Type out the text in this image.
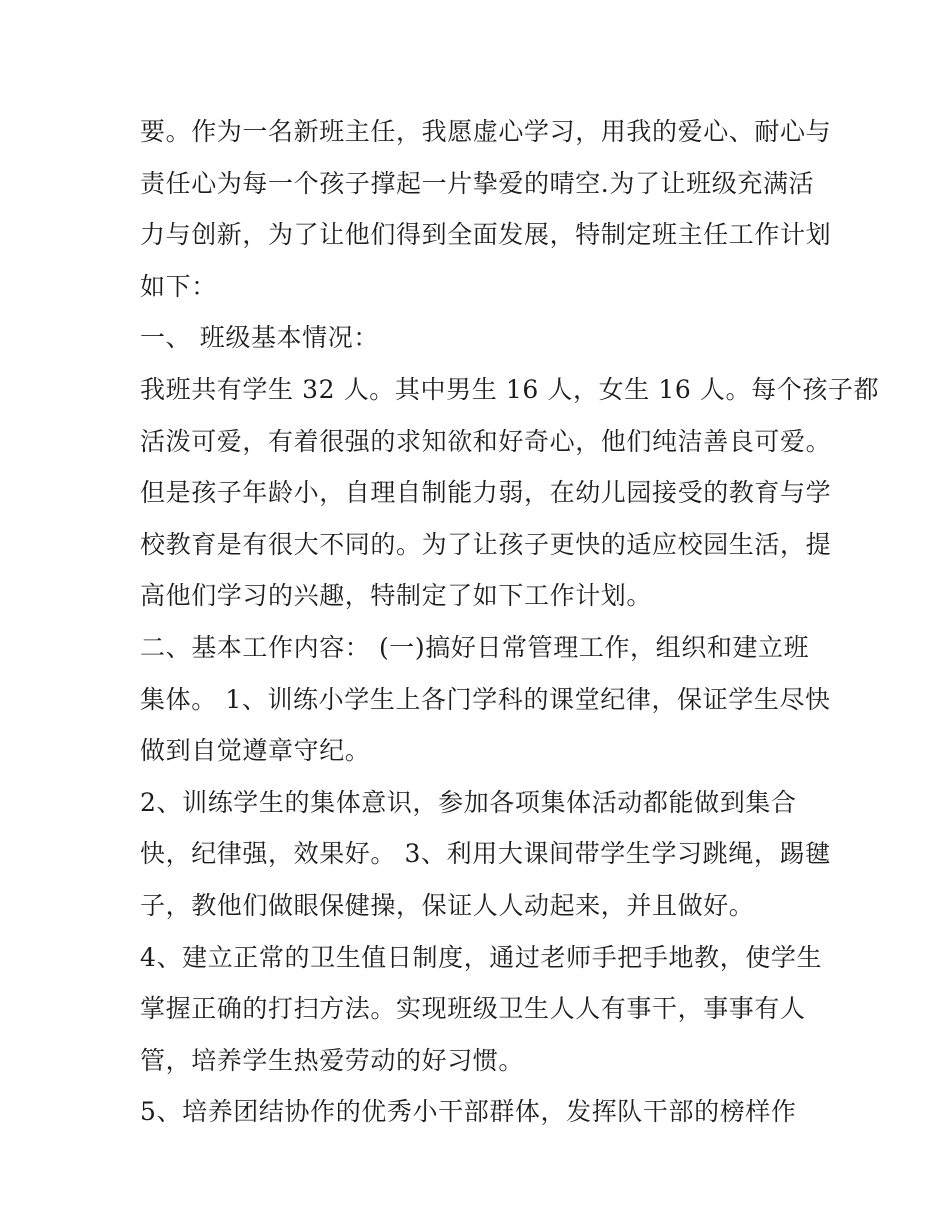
要。作为一名新班主任，我愿虚心学习，用我的爱心、耐心与
责任心为每一个孩子撑起一片挚爱的晴空.为了让班级充满活
力与创新，为了让他们得到全面发展，特制定班主任工作计划
如下：
一、 班级基本情况：
我班共有学生 32 人。其中男生 16 人，女生 16 人。每个孩子都
活泼可爱，有着很强的求知欲和好奇心，他们纯洁善良可爱。
但是孩子年龄小，自理自制能力弱，在幼儿园接受的教育与学
校教育是有很大不同的。为了让孩子更快的适应校园生活，提
高他们学习的兴趣，特制定了如下工作计划。
二、基本工作内容： (一)搞好日常管理工作，组织和建立班
集体。 1、训练小学生上各门学科的课堂纪律，保证学生尽快
做到自觉遵章守纪。
2、训练学生的集体意识，参加各项集体活动都能做到集合
快，纪律强，效果好。 3、利用大课间带学生学习跳绳，踢毽
子，教他们做眼保健操，保证人人动起来，并且做好。
4、建立正常的卫生值日制度，通过老师手把手地教，使学生
掌握正确的打扫方法。实现班级卫生人人有事干，事事有人
管，培养学生热爱劳动的好习惯。
5、培养团结协作的优秀小干部群体，发挥队干部的榜样作
